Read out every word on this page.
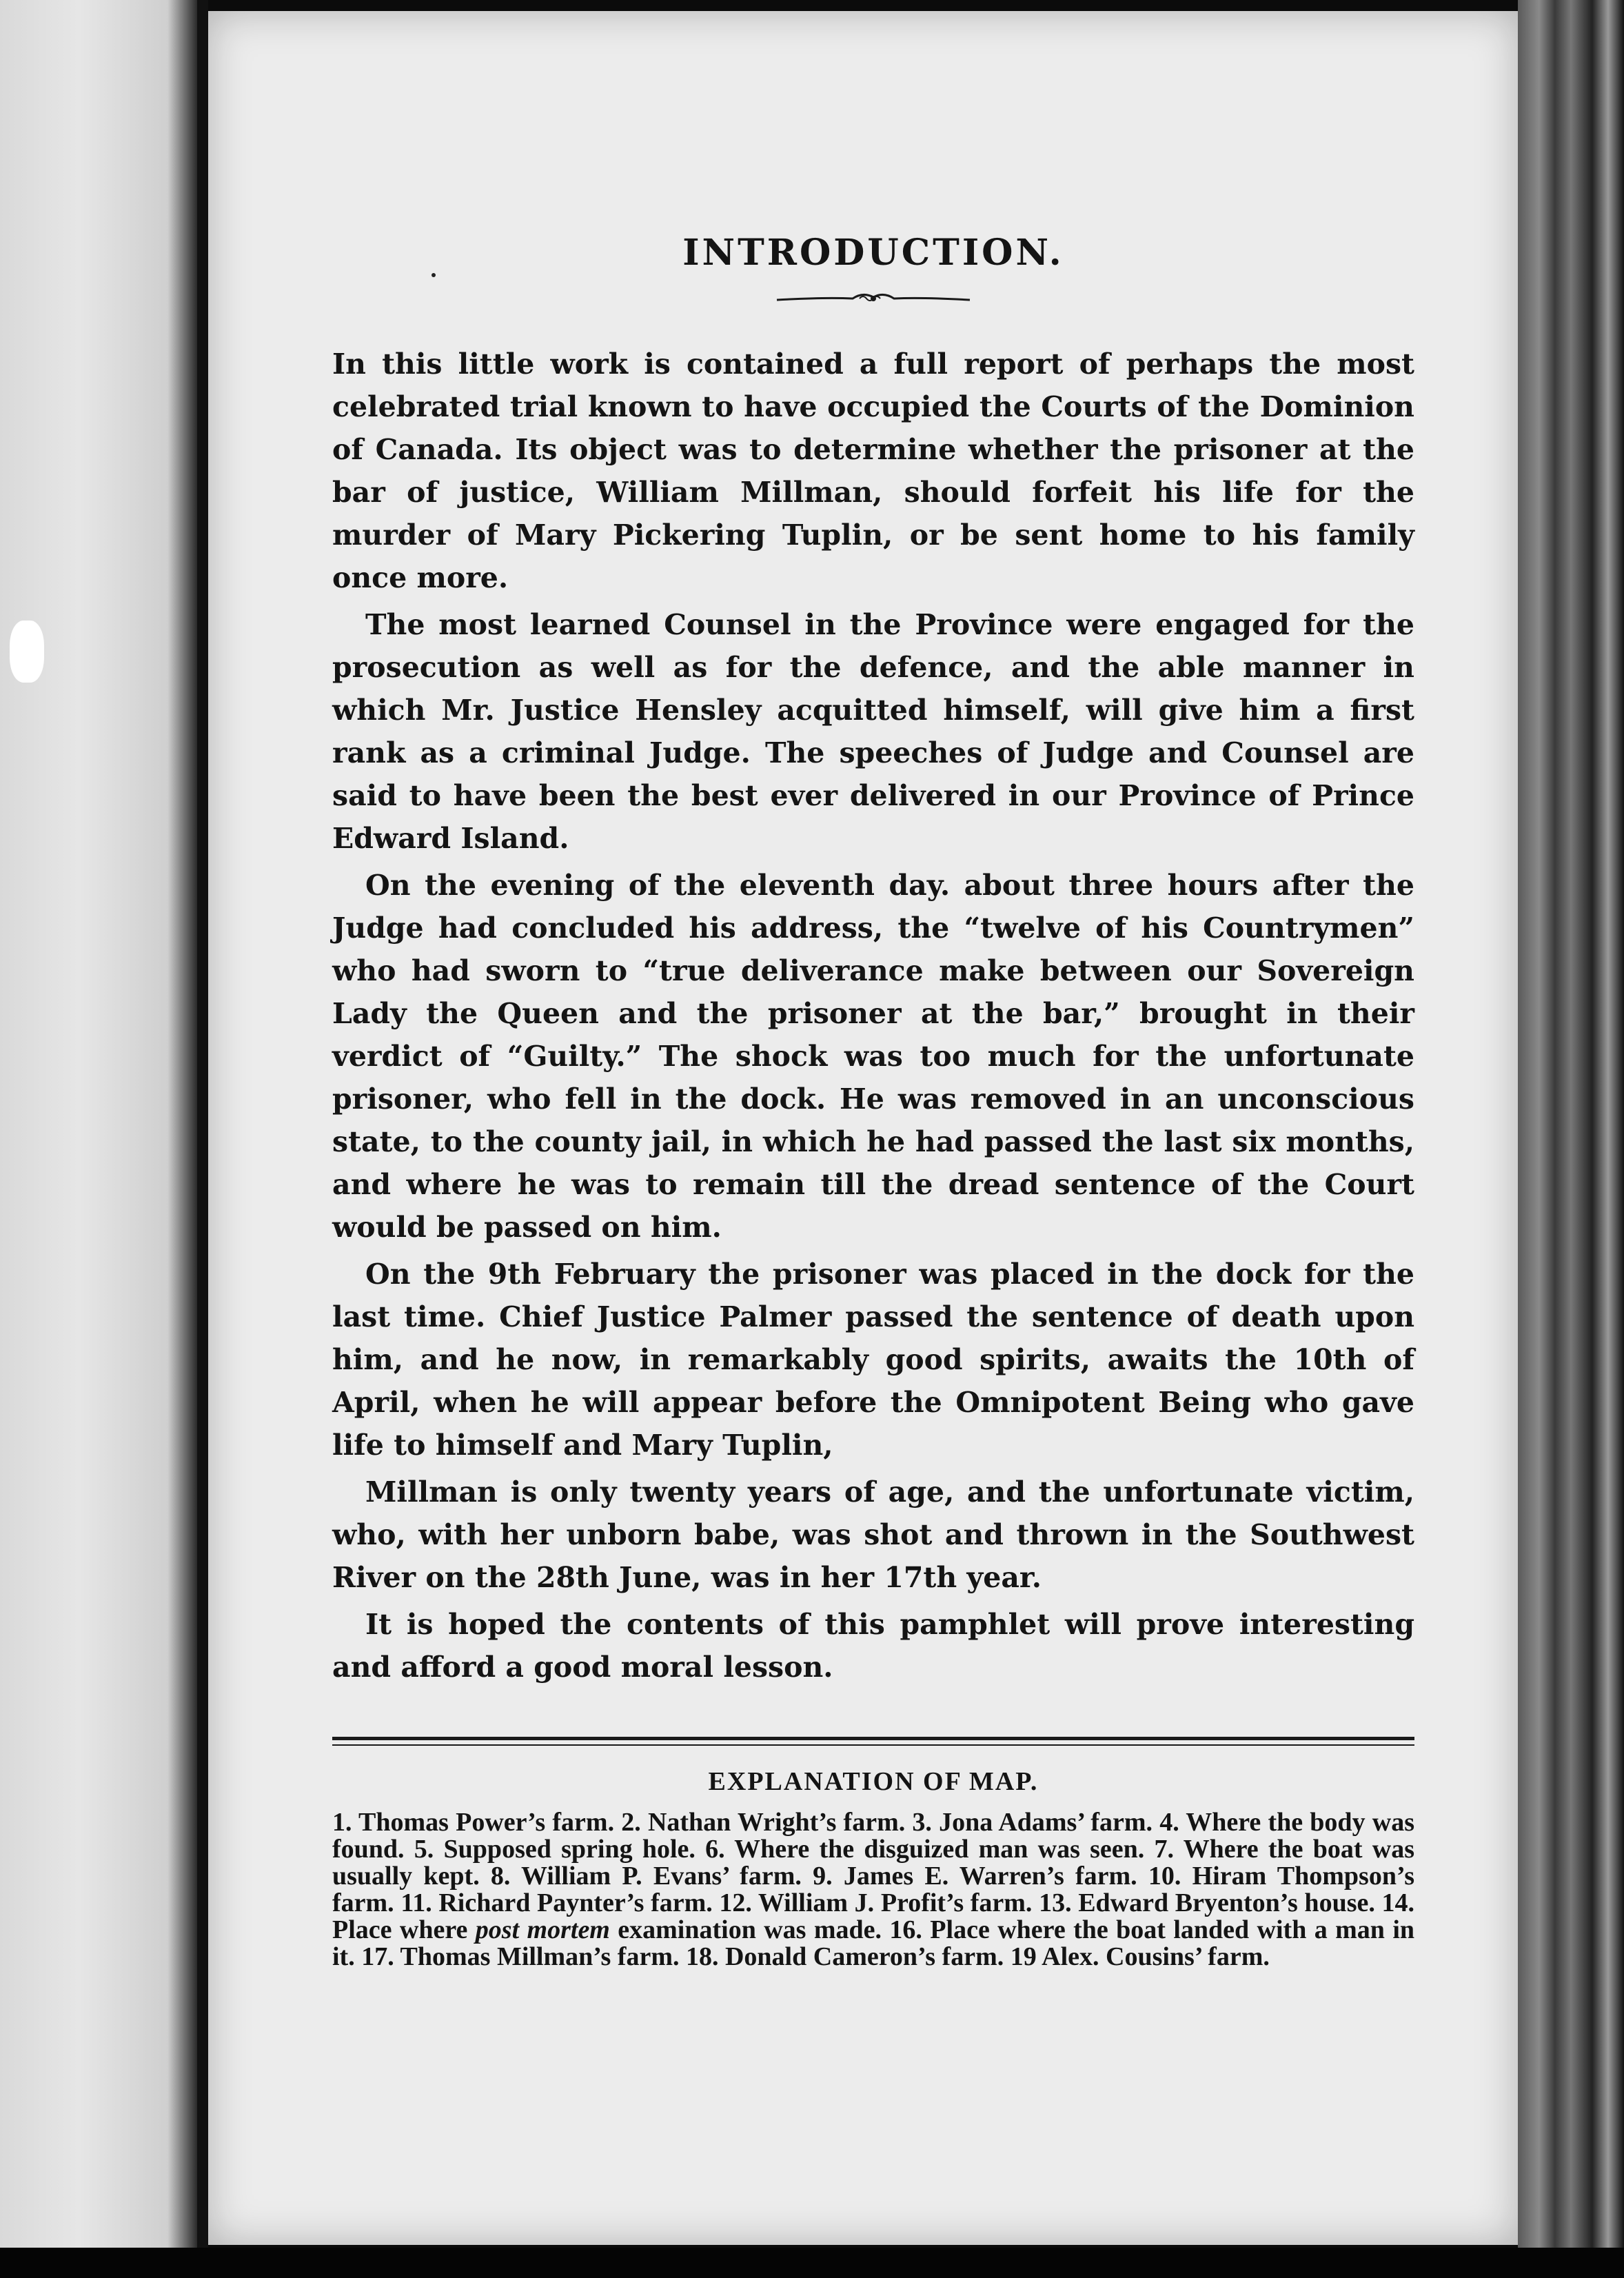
INTRODUCTION.

In this little work is contained a full report of perhaps the most celebrated trial known to have occupied the Courts of the Dominion of Canada. Its object was to determine whether the prisoner at the bar of justice, William Millman, should forfeit his life for the murder of Mary Pickering Tuplin, or be sent home to his family once more.

The most learned Counsel in the Province were engaged for the prosecution as well as for the defence, and the able manner in which Mr. Justice Hensley acquitted himself, will give him a first rank as a criminal Judge. The speeches of Judge and Counsel are said to have been the best ever delivered in our Province of Prince Edward Island.

On the evening of the eleventh day. about three hours after the Judge had concluded his address, the “twelve of his Countrymen” who had sworn to “true deliverance make between our Sovereign Lady the Queen and the prisoner at the bar,” brought in their verdict of “Guilty.” The shock was too much for the unfortunate prisoner, who fell in the dock. He was removed in an unconscious state, to the county jail, in which he had passed the last six months, and where he was to remain till the dread sentence of the Court would be passed on him.

On the 9th February the prisoner was placed in the dock for the last time. Chief Justice Palmer passed the sentence of death upon him, and he now, in remarkably good spirits, awaits the 10th of April, when he will appear before the Omnipotent Being who gave life to himself and Mary Tuplin,

Millman is only twenty years of age, and the unfortunate victim, who, with her unborn babe, was shot and thrown in the Southwest River on the 28th June, was in her 17th year.

It is hoped the contents of this pamphlet will prove interesting and afford a good moral lesson.

EXPLANATION OF MAP.
1. Thomas Power’s farm. 2. Nathan Wright’s farm. 3. Jona Adams’ farm. 4. Where the body was found. 5. Supposed spring hole. 6. Where the disguized man was seen. 7. Where the boat was usually kept. 8. William P. Evans’ farm. 9. James E. Warren’s farm. 10. Hiram Thompson’s farm. 11. Richard Paynter’s farm. 12. William J. Profit’s farm. 13. Edward Bryenton’s house. 14. Place where post mortem examination was made. 16. Place where the boat landed with a man in it. 17. Thomas Millman’s farm. 18. Donald Cameron’s farm. 19 Alex. Cousins’ farm.
